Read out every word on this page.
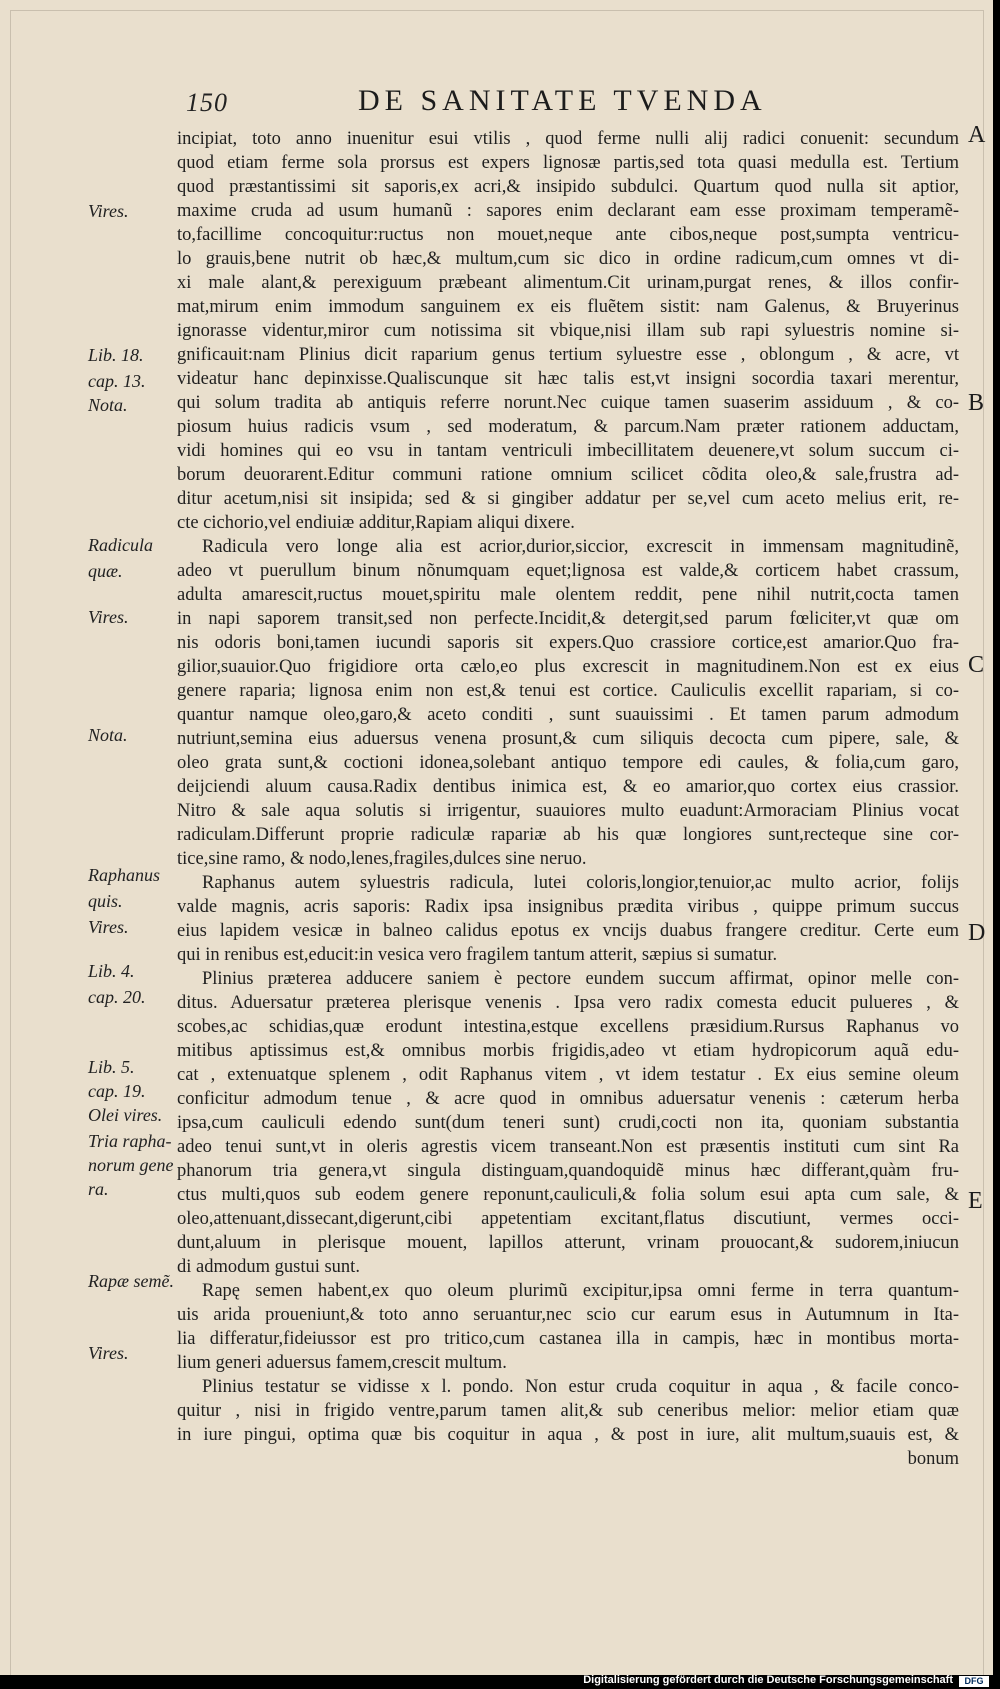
150	DE SANITATE TVENDA
A
B
C
D
E
Vires.
Lib. 18.
cap. 13.
Nota.
Radicula
quæ.
Vires.
Nota.
Raphanus
quis.
Vires.
Lib. 4.
cap. 20.
Lib. 5.
cap. 19.
Olei vires.
Tria rapha-
norum gene
ra.
Rapæ semẽ.
Vires.
incipiat, toto anno inuenitur esui vtilis , quod ferme nulli alij radici conuenit: secundum
quod etiam ferme sola prorsus est expers lignosæ partis,sed tota quasi medulla est. Tertium
quod præstantissimi sit saporis,ex acri,& insipido subdulci. Quartum quod nulla sit aptior,
maxime cruda ad usum humanũ : sapores enim declarant eam esse proximam temperamẽ-
to,facillime concoquitur:ructus non mouet,neque ante cibos,neque post,sumpta ventricu-
lo grauis,bene nutrit ob hæc,& multum,cum sic dico in ordine radicum,cum omnes vt di-
xi male alant,& perexiguum præbeant alimentum.Cit urinam,purgat renes, & illos confir-
mat,mirum enim immodum sanguinem ex eis fluẽtem sistit: nam Galenus, & Bruyerinus
ignorasse videntur,miror cum notissima sit vbique,nisi illam sub rapi syluestris nomine si-
gnificauit:nam Plinius dicit raparium genus tertium syluestre esse , oblongum , & acre, vt
videatur hanc depinxisse.Qualiscunque sit hæc talis est,vt insigni socordia taxari merentur,
qui solum tradita ab antiquis referre norunt.Nec cuique tamen suaserim assiduum , & co-
piosum huius radicis vsum , sed moderatum, & parcum.Nam præter rationem adductam,
vidi homines qui eo vsu in tantam ventriculi imbecillitatem deuenere,vt solum succum ci-
borum deuorarent.Editur communi ratione omnium scilicet cõdita oleo,& sale,frustra ad-
ditur acetum,nisi sit insipida; sed & si gingiber addatur per se,vel cum aceto melius erit, re-
cte cichorio,vel endiuiæ additur,Rapiam aliqui dixere.
Radicula vero longe alia est acrior,durior,siccior, excrescit in immensam magnitudinẽ,
adeo vt puerullum binum nõnumquam equet;lignosa est valde,& corticem habet crassum,
adulta amarescit,ructus mouet,spiritu male olentem reddit, pene nihil nutrit,cocta tamen
in napi saporem transit,sed non perfecte.Incidit,& detergit,sed parum fœliciter,vt quæ om
nis odoris boni,tamen iucundi saporis sit expers.Quo crassiore cortice,est amarior.Quo fra-
gilior,suauior.Quo frigidiore orta cælo,eo plus excrescit in magnitudinem.Non est ex eius
genere raparia; lignosa enim non est,& tenui est cortice. Cauliculis excellit rapariam, si co-
quantur namque oleo,garo,& aceto conditi , sunt suauissimi . Et tamen parum admodum
nutriunt,semina eius aduersus venena prosunt,& cum siliquis decocta cum pipere, sale, &
oleo grata sunt,& coctioni idonea,solebant antiquo tempore edi caules, & folia,cum garo,
deijciendi aluum causa.Radix dentibus inimica est, & eo amarior,quo cortex eius crassior.
Nitro & sale aqua solutis si irrigentur, suauiores multo euadunt:Armoraciam Plinius vocat
radiculam.Differunt proprie radiculæ rapariæ ab his quæ longiores sunt,recteque sine cor-
tice,sine ramo, & nodo,lenes,fragiles,dulces sine neruo.
Raphanus autem syluestris radicula, lutei coloris,longior,tenuior,ac multo acrior, folijs
valde magnis, acris saporis: Radix ipsa insignibus prædita viribus , quippe primum succus
eius lapidem vesicæ in balneo calidus epotus ex vncijs duabus frangere creditur. Certe eum
qui in renibus est,educit:in vesica vero fragilem tantum atterit, sæpius si sumatur.
Plinius præterea adducere saniem è pectore eundem succum affirmat, opinor melle con-
ditus. Aduersatur præterea plerisque venenis . Ipsa vero radix comesta educit pulueres , &
scobes,ac schidias,quæ erodunt intestina,estque excellens præsidium.Rursus Raphanus vo
mitibus aptissimus est,& omnibus morbis frigidis,adeo vt etiam hydropicorum aquã edu-
cat , extenuatque splenem , odit Raphanus vitem , vt idem testatur . Ex eius semine oleum
conficitur admodum tenue , & acre quod in omnibus aduersatur venenis : cæterum herba
ipsa,cum cauliculi edendo sunt(dum teneri sunt) crudi,cocti non ita, quoniam substantia
adeo tenui sunt,vt in oleris agrestis vicem transeant.Non est præsentis instituti cum sint Ra
phanorum tria genera,vt singula distinguam,quandoquidẽ minus hæc differant,quàm fru-
ctus multi,quos sub eodem genere reponunt,cauliculi,& folia solum esui apta cum sale, &
oleo,attenuant,dissecant,digerunt,cibi appetentiam excitant,flatus discutiunt, vermes occi-
dunt,aluum in plerisque mouent, lapillos atterunt, vrinam prouocant,& sudorem,iniucun
di admodum gustui sunt.
Rapę semen habent,ex quo oleum plurimũ excipitur,ipsa omni ferme in terra quantum-
uis arida proueniunt,& toto anno seruantur,nec scio cur earum esus in Autumnum in Ita-
lia differatur,fideiussor est pro tritico,cum castanea illa in campis, hæc in montibus morta-
lium generi aduersus famem,crescit multum.
Plinius testatur se vidisse x l. pondo. Non estur cruda coquitur in aqua , & facile conco-
quitur , nisi in frigido ventre,parum tamen alit,& sub ceneribus melior: melior etiam quæ
in iure pingui, optima quæ bis coquitur in aqua , & post in iure, alit multum,suauis est, &
bonum
Digitalisierung gefördert durch die Deutsche Forschungsgemeinschaft	DFG
